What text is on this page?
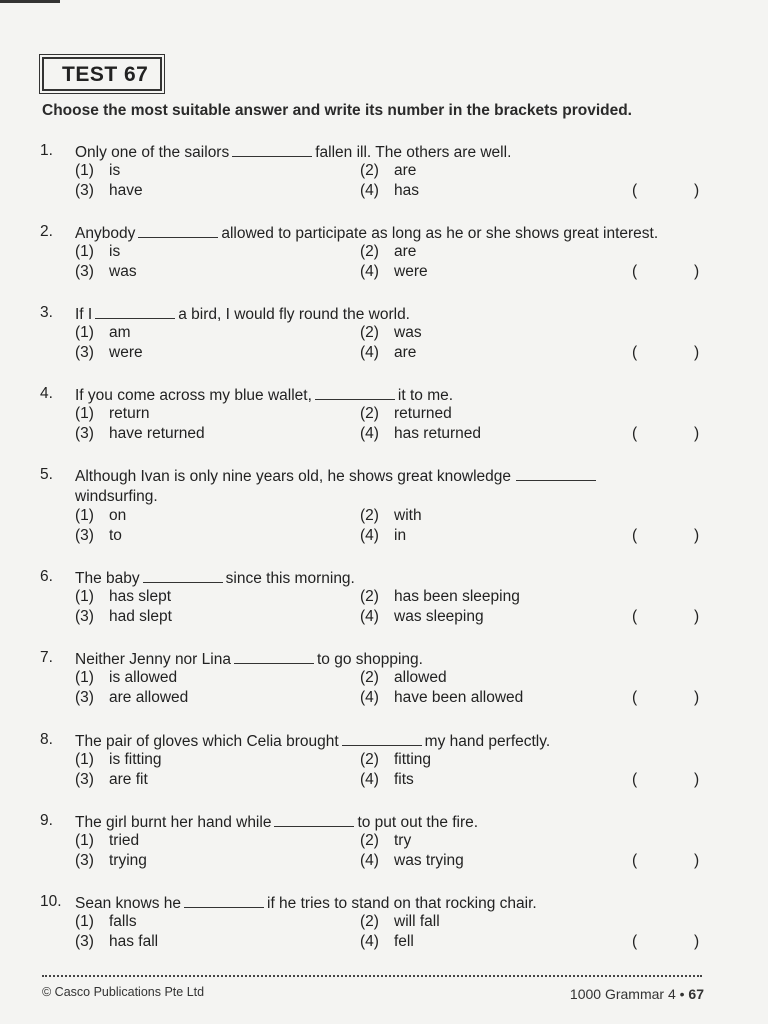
TEST 67
Choose the most suitable answer and write its number in the brackets provided.
1. Only one of the sailors	fallen ill. The others are well.
(1) is	(2) are
(3) have	(4) has	(	)
2. Anybody	allowed to participate as long as he or she shows great interest.
(1) is	(2) are
(3) was	(4) were	(	)
3. If I	a bird, I would fly round the world.
(1) am	(2) was
(3) were	(4) are	(	)
4. If you come across my blue wallet,	it to me.
(1) return	(2) returned
(3) have returned	(4) has returned	(	)
5. Although Ivan is only nine years old, he shows great knowledge
windsurfing.
(1) on	(2) with
(3) to	(4) in	(	)
6. The baby	since this morning.
(1) has slept	(2) has been sleeping
(3) had slept	(4) was sleeping	(	)
7. Neither Jenny nor Lina	to go shopping.
(1) is allowed	(2) allowed
(3) are allowed	(4) have been allowed	(	)
8. The pair of gloves which Celia brought	my hand perfectly.
(1) is fitting	(2) fitting
(3) are fit	(4) fits	(	)
9. The girl burnt her hand while	to put out the fire.
(1) tried	(2) try
(3) trying	(4) was trying	(	)
10. Sean knows he	if he tries to stand on that rocking chair.
(1) falls	(2) will fall
(3) has fall	(4) fell	(	)
© Casco Publications Pte Ltd	1000 Grammar 4 • 67
